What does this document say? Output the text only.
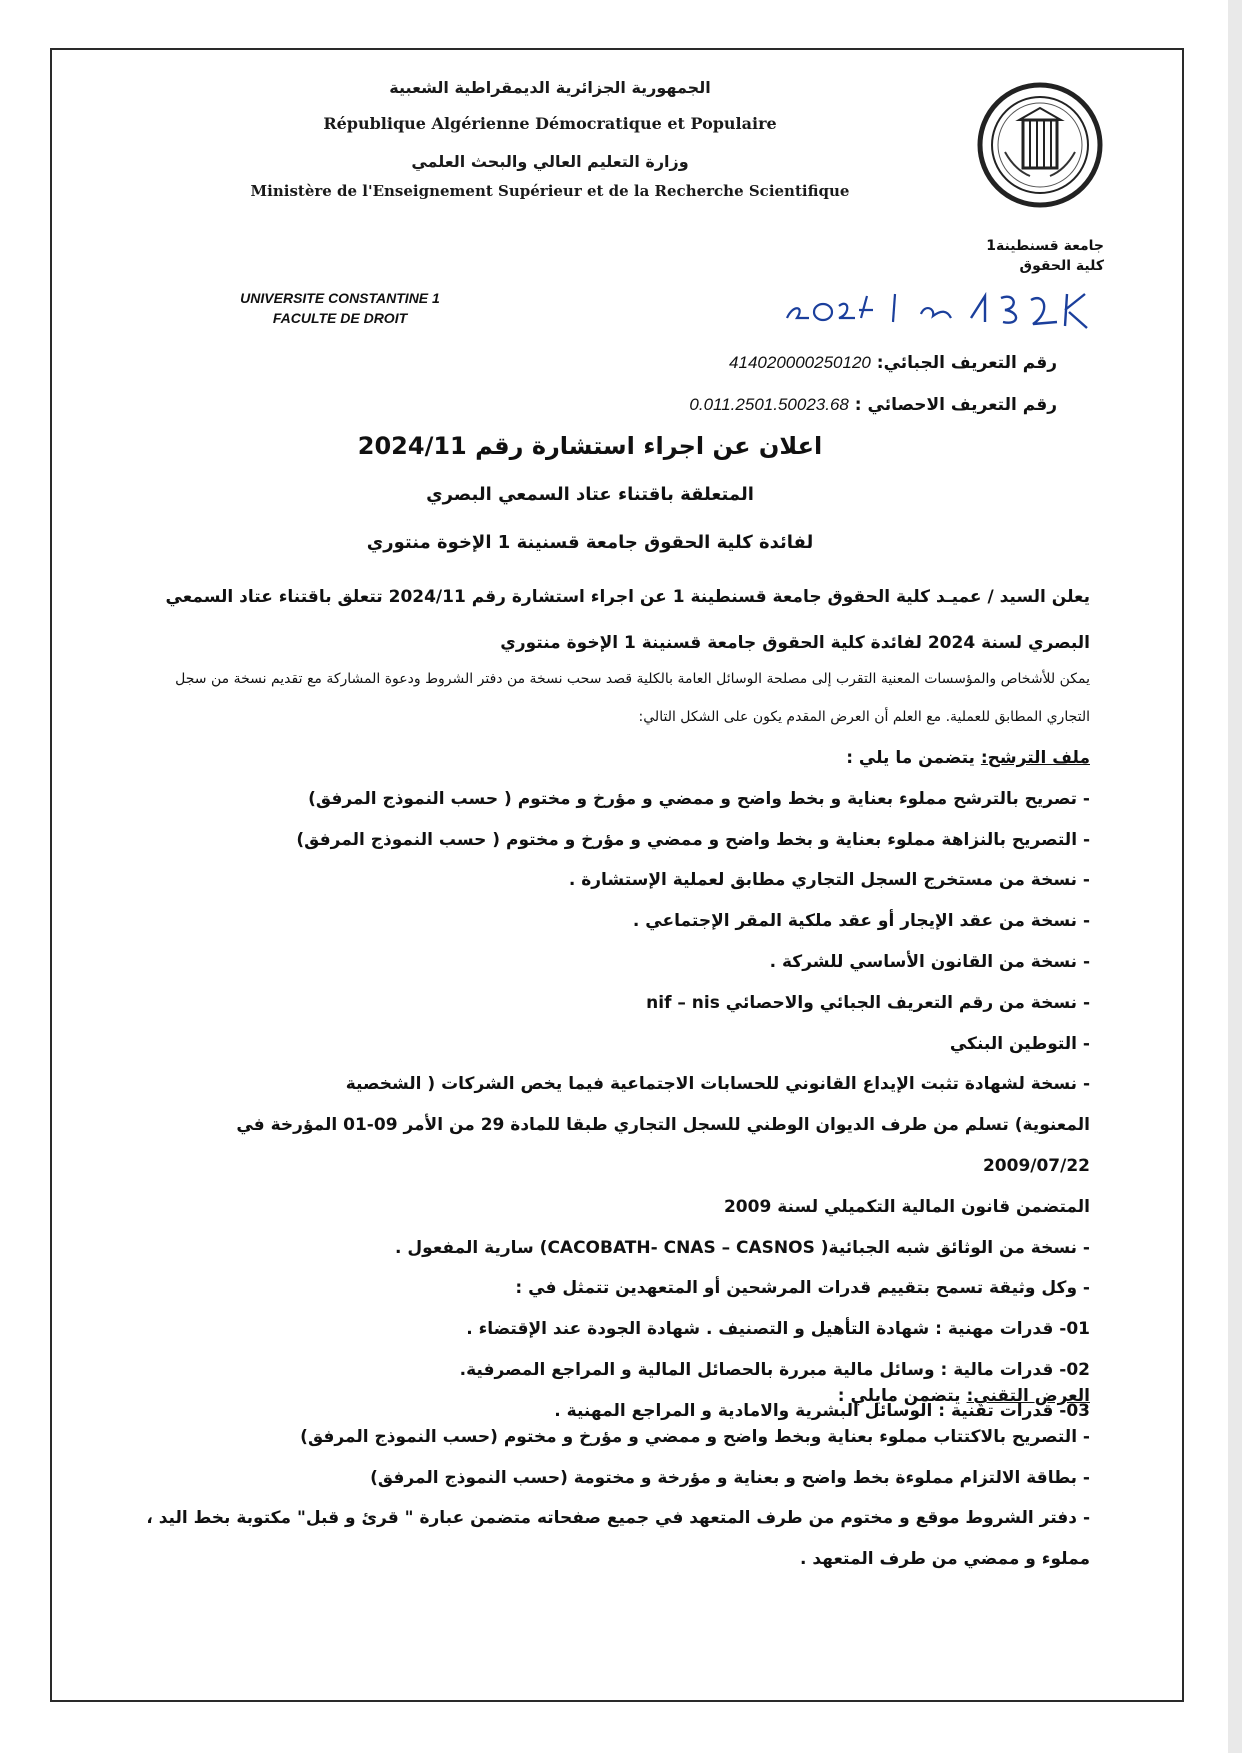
الجمهورية الجزائرية الديمقراطية الشعبية
République Algérienne Démocratique et Populaire
وزارة التعليم العالي والبحث العلمي
Ministère de l'Enseignement Supérieur et de la Recherche Scientifique
جامعة قسنطينة1
كلية الحقوق
UNIVERSITE CONSTANTINE 1
FACULTE DE DROIT
رقم التعريف الجبائي: 414020000250120
رقم التعريف الاحصائي : 0.011.2501.50023.68
اعلان عن اجراء استشارة رقم 2024/11
المتعلقة باقتناء عتاد السمعي البصري
لفائدة كلية الحقوق جامعة قسنينة 1 الإخوة منتوري
يعلن السيد / عميـد كلية الحقوق جامعة قسنطينة 1 عن اجراء استشارة رقم 2024/11 تتعلق باقتناء عتاد السمعي البصري لسنة 2024 لفائدة كلية الحقوق جامعة قسنينة 1 الإخوة منتوري
يمكن للأشخاص والمؤسسات المعنية التقرب إلى مصلحة الوسائل العامة بالكلية قصد سحب نسخة من دفتر الشروط ودعوة المشاركة مع تقديم نسخة من سجل التجاري المطابق للعملية. مع العلم أن العرض المقدم يكون على الشكل التالي:
ملف الترشح: يتضمن ما يلي :
- تصريح بالترشح مملوء بعناية و بخط واضح و ممضي و مؤرخ و مختوم ( حسب النموذج المرفق)
- التصريح بالنزاهة مملوء بعناية و بخط واضح و ممضي و مؤرخ و مختوم ( حسب النموذج المرفق)
- نسخة من مستخرج السجل التجاري مطابق لعملية الإستشارة .
- نسخة من عقد الإيجار أو عقد ملكية المقر الإجتماعي .
- نسخة من القانون الأساسي للشركة .
- نسخة من رقم التعريف الجبائي والاحصائي nif – nis
- التوطين البنكي
- نسخة لشهادة تثبت الإيداع القانوني للحسابات الاجتماعية فيما يخص الشركات ( الشخصية
المعنوية) تسلم من طرف الديوان الوطني للسجل التجاري طبقا للمادة 29 من الأمر 09-01 المؤرخة في 2009/07/22
المتضمن قانون المالية التكميلي لسنة 2009
- نسخة من الوثائق شبه الجبائية( CACOBATH- CNAS – CASNOS) سارية المفعول .
- وكل وثيقة تسمح بتقييم قدرات المرشحين أو المتعهدين تتمثل في :
01- قدرات مهنية : شهادة التأهيل و التصنيف . شهادة الجودة عند الإقتضاء .
02- قدرات مالية : وسائل مالية مبررة بالحصائل المالية و المراجع المصرفية.
03- قدرات تقنية : الوسائل البشرية والامادية و المراجع المهنية .
العرض التقني: يتضمن مايلي :
- التصريح بالاكتتاب مملوء بعناية وبخط واضح و ممضي و مؤرخ و مختوم (حسب النموذج المرفق)
- بطاقة الالتزام مملوءة بخط واضح و بعناية و مؤرخة و مختومة (حسب النموذج المرفق)
- دفتر الشروط موقع و مختوم من طرف المتعهد في جميع صفحاته متضمن عبارة " قرئ و قبل" مكتوبة بخط اليد ،
مملوء و ممضي من طرف المتعهد .
